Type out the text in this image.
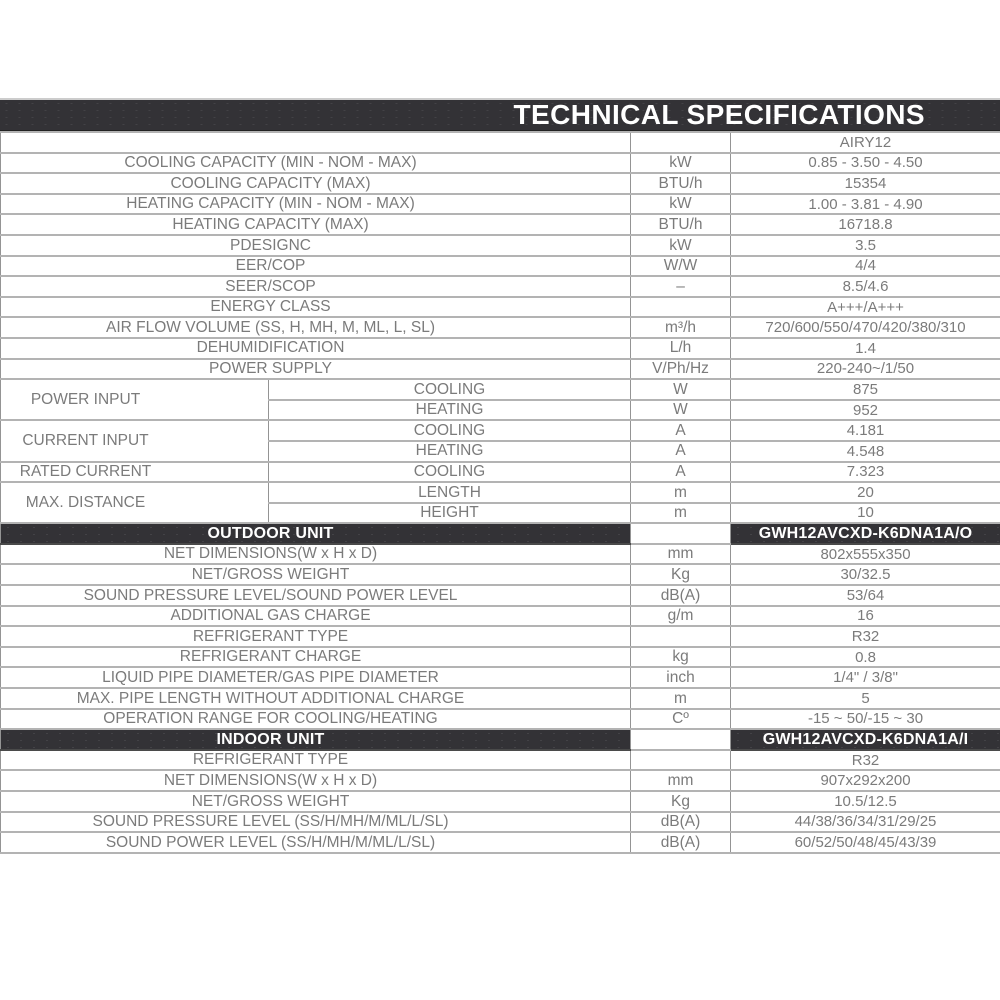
TECHNICAL SPECIFICATIONS
			AIRY12
COOLING CAPACITY (MIN - NOM - MAX)		kW	0.85 - 3.50 - 4.50
COOLING CAPACITY (MAX)		BTU/h	15354
HEATING CAPACITY (MIN - NOM - MAX)		kW	1.00 - 3.81 - 4.90
HEATING CAPACITY (MAX)		BTU/h	16718.8
PDESIGNC		kW	3.5
EER/COP		W/W	4/4
SEER/SCOP		–	8.5/4.6
ENERGY CLASS			A+++/A+++
AIR FLOW VOLUME (SS, H, MH, M, ML, L, SL)		m³/h	720/600/550/470/420/380/310
DEHUMIDIFICATION		L/h	1.4
POWER SUPPLY		V/Ph/Hz	220-240~/1/50
POWER INPUT	COOLING	W	875
	HEATING	W	952
CURRENT INPUT	COOLING	A	4.181
	HEATING	A	4.548
RATED CURRENT	COOLING	A	7.323
MAX. DISTANCE	LENGTH	m	20
	HEIGHT	m	10
OUTDOOR UNIT			GWH12AVCXD-K6DNA1A/O
NET DIMENSIONS(W x H x D)		mm	802x555x350
NET/GROSS WEIGHT		Kg	30/32.5
SOUND PRESSURE LEVEL/SOUND POWER LEVEL		dB(A)	53/64
ADDITIONAL GAS CHARGE		g/m	16
REFRIGERANT TYPE			R32
REFRIGERANT CHARGE		kg	0.8
LIQUID PIPE DIAMETER/GAS PIPE DIAMETER		inch	1/4" / 3/8"
MAX. PIPE LENGTH WITHOUT ADDITIONAL CHARGE		m	5
OPERATION RANGE FOR COOLING/HEATING		Cº	-15 ~ 50/-15 ~ 30
INDOOR UNIT			GWH12AVCXD-K6DNA1A/I
REFRIGERANT TYPE			R32
NET DIMENSIONS(W x H x D)		mm	907x292x200
NET/GROSS WEIGHT		Kg	10.5/12.5
SOUND PRESSURE LEVEL (SS/H/MH/M/ML/L/SL)		dB(A)	44/38/36/34/31/29/25
SOUND POWER LEVEL (SS/H/MH/M/ML/L/SL)		dB(A)	60/52/50/48/45/43/39
